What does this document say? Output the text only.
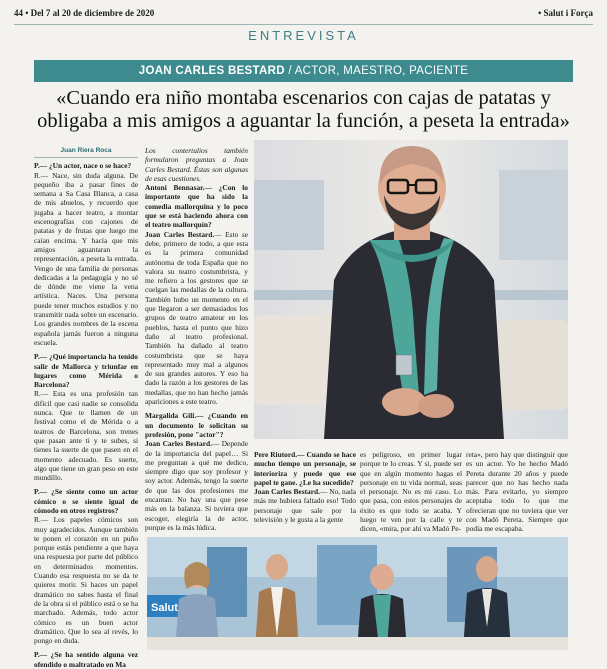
44 • Del 7 al 20 de diciembre de 2020	• Salut i Força
ENTREVISTA
JOAN CARLES BESTARD / ACTOR, MAESTRO, PACIENTE
«Cuando era niño montaba escenarios con cajas de patatas y obligaba a mis amigos a aguantar la función, a peseta la entrada»
Juan Riera Roca

P.— ¿Un actor, nace o se hace?

R.— Nace, sin duda alguna. De pequeño iba a pasar fines de semana a Sa Casa Blanca, a casa de mis abuelos, y recuerdo que jugaba a hacer teatro, a montar escenografías con cajones de patatas y de frutas que luego me caían encima. Y hacía que mis amigos aguantaran la representación, a peseta la entrada. Vengo de una familia de personas dedicadas a la pedagogía y no sé de dónde me viene la vena artística. Naces. Una persona puede tener muchos estudios y no transmitir nada sobre un escenario. Los grandes nombres de la escena española jamás fueron a ninguna escuela.

P.— ¿Qué importancia ha tenido salir de Mallorca y triunfar en lugares como Mérida o Barcelona?

R.— Esta es una profesión tan difícil que casi nadie se consolida nunca. Que te llamen de un festival como el de Mérida o a teatros de Barcelona, son trenes que pasan ante ti y te subes, si tienes la suerte de que pasen en el momento adecuado. Es suerte, algo que tiene un gran peso en este mundillo.

P.— ¿Se siente como un actor cómico o se siente igual de cómodo en otros registros?

R.— Los papeles cómicos son muy agradecidos. Aunque también te ponen el corazón en un puño porque estás pendiente a que haya una respuesta por parte del público en determinados momentos. Cuando esa respuesta no se da te quieres morir. Si haces un papel dramático no sabes hasta el final de la obra si el público está o se ha marchado. Además, todo actor cómico es un buen actor dramático. Que lo sea al revés, lo pongo en duda.

P.— ¿Se ha sentido alguna vez ofendido o maltratado en Ma

Los contertulios también formularon preguntas a Joan Carles Bestard. Éstas son algunas de esas cuestiones.

Antoni Bennasar.— ¿Con lo importante que ha sido la comedia mallorquina y lo poco que se está haciendo ahora con el teatro mallorquín?

Joan Carles Bestard.— Esto se debe, primero de todo, a que esta es la primera comunidad autónoma de toda España que no valora su teatro costumbrista, y me refiero a los gestores que se cuelgan las medallas de la cultura. También hubo un momento en el que llegaron a ser demasiados los grupos de teatro amateur en los pueblos, hasta el punto que hizo daño al teatro profesional. También ha dañado al teatro costumbrista que se haya representado muy mal a algunos de sus grandes autores. Y eso ha dado la razón a los gestores de las medallas, que no han hecho jamás apariciones a este teatro.

Margalida Gili.— ¿Cuando en un documento le solicitan su profesión, pone "actor"?

Joan Carles Bestard.— Depende de la importancia del papel… Si me preguntan a qué me dedico, siempre digo que soy profesor y soy actor. Además, tengo la suerte de que las dos profesiones me encantan. No hay una que pese más en la balanza. Si tuviera que escoger, elegiría la de actor, porque es la más lúdica.

Pere Riutord.— Cuando se hace mucho tiempo un personaje, se interioriza y puede que ese papel te gane. ¿Le ha sucedido?

Joan Carles Bestard.— No, nada más me hubiera faltado eso! Todo personaje que sale por la televisión y le gusta a la gente

es peligroso, en primer lugar porque te lo creas. Y si, puede ser que en algún momento hagas el personaje en tu vida normal, seas el personaje. No es mi caso. Lo que pasa, con estos personajes de éxito es que todo se acaba. Y luego te ven por la calle y te dicen, «mira, por ahí va Madó Pe-

reta», pero hay que distinguir que es un actor. Yo he hecho Madó Pereta durante 20 años y puede parecer que no has hecho nada más. Para evitarlo, yo siempre aceptaba todo lo que me ofrecieran que no tuviera que ver con Madó Pereta. Siempre que podía me escapaba.

Salut
